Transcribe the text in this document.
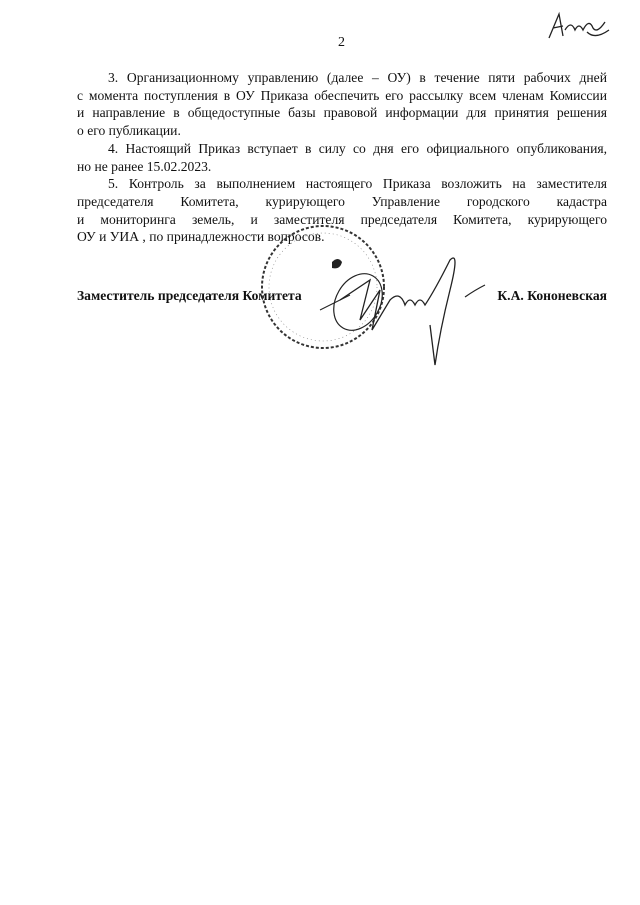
2
3. Организационному управлению (далее – ОУ) в течение пяти рабочих дней
с момента поступления в ОУ Приказа обеспечить его рассылку всем членам Комиссии
и направление в общедоступные базы правовой информации для принятия решения
о его публикации.
4. Настоящий Приказ вступает в силу со дня его официального опубликования,
но не ранее 15.02.2023.
5. Контроль за выполнением настоящего Приказа возложить на заместителя
председателя Комитета, курирующего Управление городского кадастра
и мониторинга земель, и заместителя председателя Комитета, курирующего
ОУ и УИА , по принадлежности вопросов.
Заместитель председателя Комитета	К.А. Кононевская
